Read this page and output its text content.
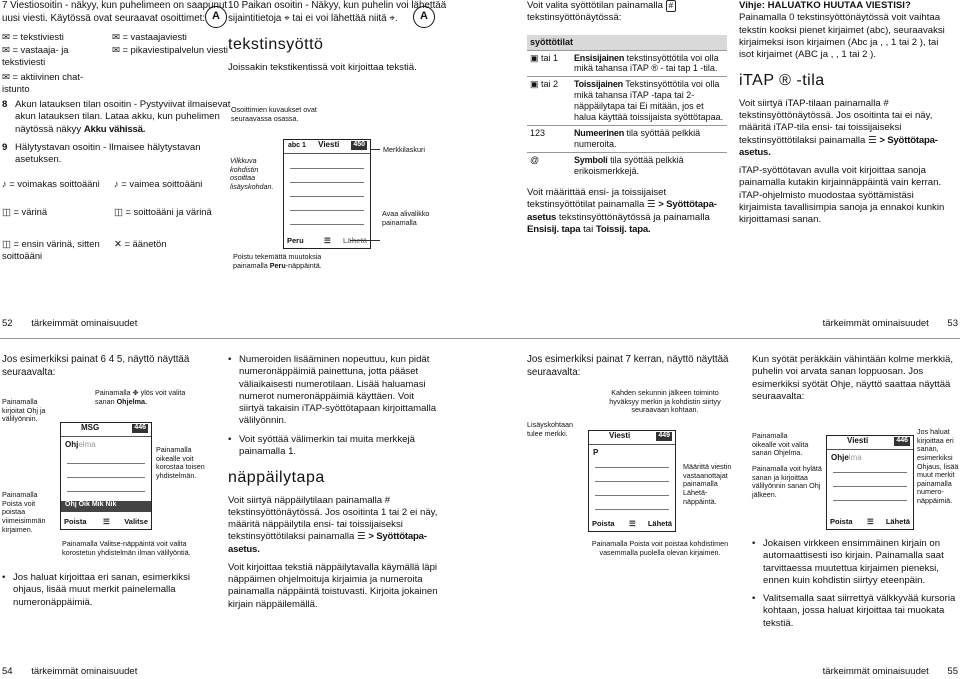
7 Viestiosoitin - näkyy, kun puhelimeen on saapunut uusi viesti. Käytössä ovat seuraavat osoittimet:
✉ = tekstiviesti	✉ = vastaajaviesti
✉ = vastaaja- ja tekstiviesti
✉ = pikaviestipalvelun viesti
✉ = aktiivinen chat-istunto
8 Akun latauksen tilan osoitin - Pystyviivat ilmaisevat akun latauksen tilan. Lataa akku, kun puhelimen näytössä näkyy Akku vähissä.
9 Hälytystavan osoitin - Ilmaisee hälytystavan asetuksen.
♪ = voimakas soittoääni ♪ = vaimea soittoääni
◫ = värinä	◫ = soittoääni ja värinä
◫ = ensin värinä, sitten soittoääni
✕ = äänetön
A
52 tärkeimmät ominaisuudet
10 Paikan osoitin - Näkyy, kun puhelin voi lähettää sijaintitietoja ⌖ tai ei voi lähettää niitä ⌖.
tekstinsyöttö
Joissakin tekstikentissä voit kirjoittaa tekstiä.
A
Osoittimien kuvaukset ovat seuraavassa osassa.
Vilkkuva kohdistin osoittaa lisäyskohdan.
abc 1 Viesti 450
Peru	☰ Lähetä
Merkkilaskuri
Avaa alivalikko painamalla
Poistu tekemättä muutoksia painamalla Peru-näppäintä.
Voit valita syöttötilan painamalla # tekstinsyöttönäytössä:
syöttötilat	
▣ tai 1	Ensisijainen tekstinsyöttötila voi olla mikä tahansa iTAP ® - tai tap 1 -tila.
▣ tai 2	Toissijainen Tekstinsyöttötila voi olla mikä tahansa iTAP -tapa tai 2-näppäilytapa tai Ei mitään, jos et halua käyttää toissijaista syöttötapaa.
123	Numeerinen tila syöttää pelkkiä numeroita.
@	Symboli tila syöttää pelkkiä erikoismerkkejä.
Voit määrittää ensi- ja toissijaiset tekstinsyöttötilat painamalla ☰ > Syöttötapa-asetus tekstinsyöttönäytössä ja painamalla Ensisij. tapa tai Toissij. tapa.
Vihje: HALUATKO HUUTAA VIESTISI?
Painamalla 0 tekstinsyöttönäytössä voit vaihtaa tekstin kooksi pienet kirjaimet (abc), seuraavaksi kirjaimeksi ison kirjaimen (Abc ja , , 1 tai 2 ), tai isot kirjaimet (ABC ja , , 1 tai 2 ).
iTAP ® -tila
Voit siirtyä iTAP-tilaan painamalla # tekstinsyöttönäytössä. Jos osoitinta tai ei näy, määritä iTAP-tila ensi- tai toissijaiseksi tekstinsyöttötilaksi painamalla ☰ > Syöttötapa-asetus.
iTAP-syöttötavan avulla voit kirjoittaa sanoja painamalla kutakin kirjainnäppäintä vain kerran. iTAP-ohjelmisto muodostaa syöttämistäsi kirjaimista tavallisimpia sanoja ja ennakoi kunkin kirjoittamasi sanan.
tärkeimmät ominaisuudet 53
Jos esimerkiksi painat 6 4 5, näyttö näyttää seuraavalta:
Painamalla ✥ ylös voit valita sanan Ohjelma.
Painamalla kirjoitat Ohj ja välilyönnin.
Painamalla Poista voit poistaa viimeisimmän kirjaimen.
Painamalla oikealle voit korostaa toisen yhdistelmän.
MSG	446
Ohjelma
Ohj Oik Mik Nik
Poista ☰ Valitse
Painamalla Valitse-näppäintä voit valita korostetun yhdistelmän ilman välilyöntiä.
• Jos haluat kirjoittaa eri sanan, esimerkiksi ohjaus, lisää muut merkit painelemalla numeronäppäimiä.
• Numeroiden lisääminen nopeuttuu, kun pidät numeronäppäimiä painettuna, jotta pääset väliaikaisesti numerotilaan. Lisää haluamasi numerot numeronäppäimiä käyttäen. Voit siirtyä takaisin iTAP-syöttötapaan kirjoittamalla välilyönnin.
• Voit syöttää välimerkin tai muita merkkejä painamalla 1.
näppäilytapa
Voit siirtyä näppäilytilaan painamalla # tekstinsyöttönäytössä. Jos osoitinta 1 tai 2 ei näy, määritä näppäilytila ensi- tai toissijaiseksi tekstinsyöttötilaksi painamalla ☰ > Syöttötapa-asetus.
Voit kirjoittaa tekstiä näppäilytavalla käymällä läpi näppäimen ohjelmoituja kirjaimia ja numeroita painamalla näppäintä toistuvasti. Kirjoita jokainen kirjain näppäilemällä.
54 tärkeimmät ominaisuudet
Jos esimerkiksi painat 7 kerran, näyttö näyttää seuraavalta:
Kahden sekunnin jälkeen toiminto hyväksyy merkin ja kohdistin siirtyy seuraavaan kohtaan.
Lisäyskohtaan tulee merkki.	Viesti	449
P
Poista ☰ Lähetä
Määrittä viestin vastaanottajat painamalla Lähetä-näppäintä.
Painamalla Poista voit poistaa kohdistimen vasemmalla puolella olevan kirjaimen.
Kun syötät peräkkäin vähintään kolme merkkiä, puhelin voi arvata sanan loppuosan. Jos esimerkiksi syötät Ohje, näyttö saattaa näyttää seuraavalta:
Painamalla oikealle voit valita sanan Ohjelma.
Painamalla voit hylätä sanan ja kirjoittaa välilyönnin sanan Ohj jälkeen.
Viesti	446
Ohjelma
Poista ☰ Lähetä
Jos haluat kirjoittaa eri sanan, esimerkiksi Ohjaus, lisää muut merkit painamalla numero-näppäimiä.
• Jokaisen virkkeen ensimmäinen kirjain on automaattisesti iso kirjain. Painamalla saat tarvittaessa muutettua kirjaimen pieneksi, ennen kuin kohdistin siirtyy eteenpäin.
• Valitsemalla saat siirrettyä välkkyvää kursoria kohtaan, jossa haluat kirjoittaa tai muokata tekstiä.
tärkeimmät ominaisuudet 55
